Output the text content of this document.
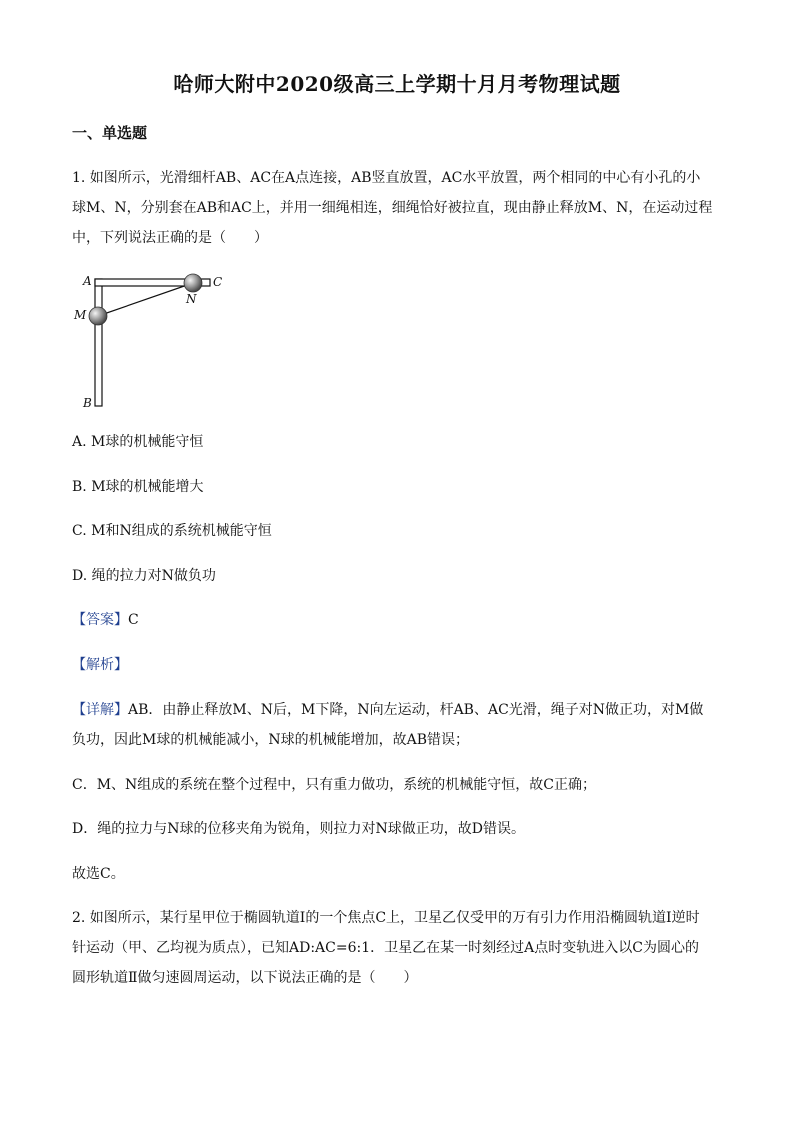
哈师大附中2020级高三上学期十月月考物理试题
一、单选题
1. 如图所示，光滑细杆AB、AC在A点连接，AB竖直放置，AC水平放置，两个相同的中心有小孔的小
球M、N，分别套在AB和AC上，并用一细绳相连，细绳恰好被拉直，现由静止释放M、N，在运动过程
中，下列说法正确的是（　　）
A
M
C
N
B
A. M球的机械能守恒
B. M球的机械能增大
C. M和N组成的系统机械能守恒
D. 绳的拉力对N做负功
【答案】C
【解析】
【详解】AB．由静止释放M、N后，M下降，N向左运动，杆AB、AC光滑，绳子对N做正功，对M做
负功，因此M球的机械能减小，N球的机械能增加，故AB错误；
C．M、N组成的系统在整个过程中，只有重力做功，系统的机械能守恒，故C正确；
D．绳的拉力与N球的位移夹角为锐角，则拉力对N球做正功，故D错误。
故选C。
2. 如图所示，某行星甲位于椭圆轨道Ⅰ的一个焦点C上，卫星乙仅受甲的万有引力作用沿椭圆轨道Ⅰ逆时
针运动（甲、乙均视为质点），已知AD:AC=6:1．卫星乙在某一时刻经过A点时变轨进入以C为圆心的
圆形轨道Ⅱ做匀速圆周运动，以下说法正确的是（　　）
